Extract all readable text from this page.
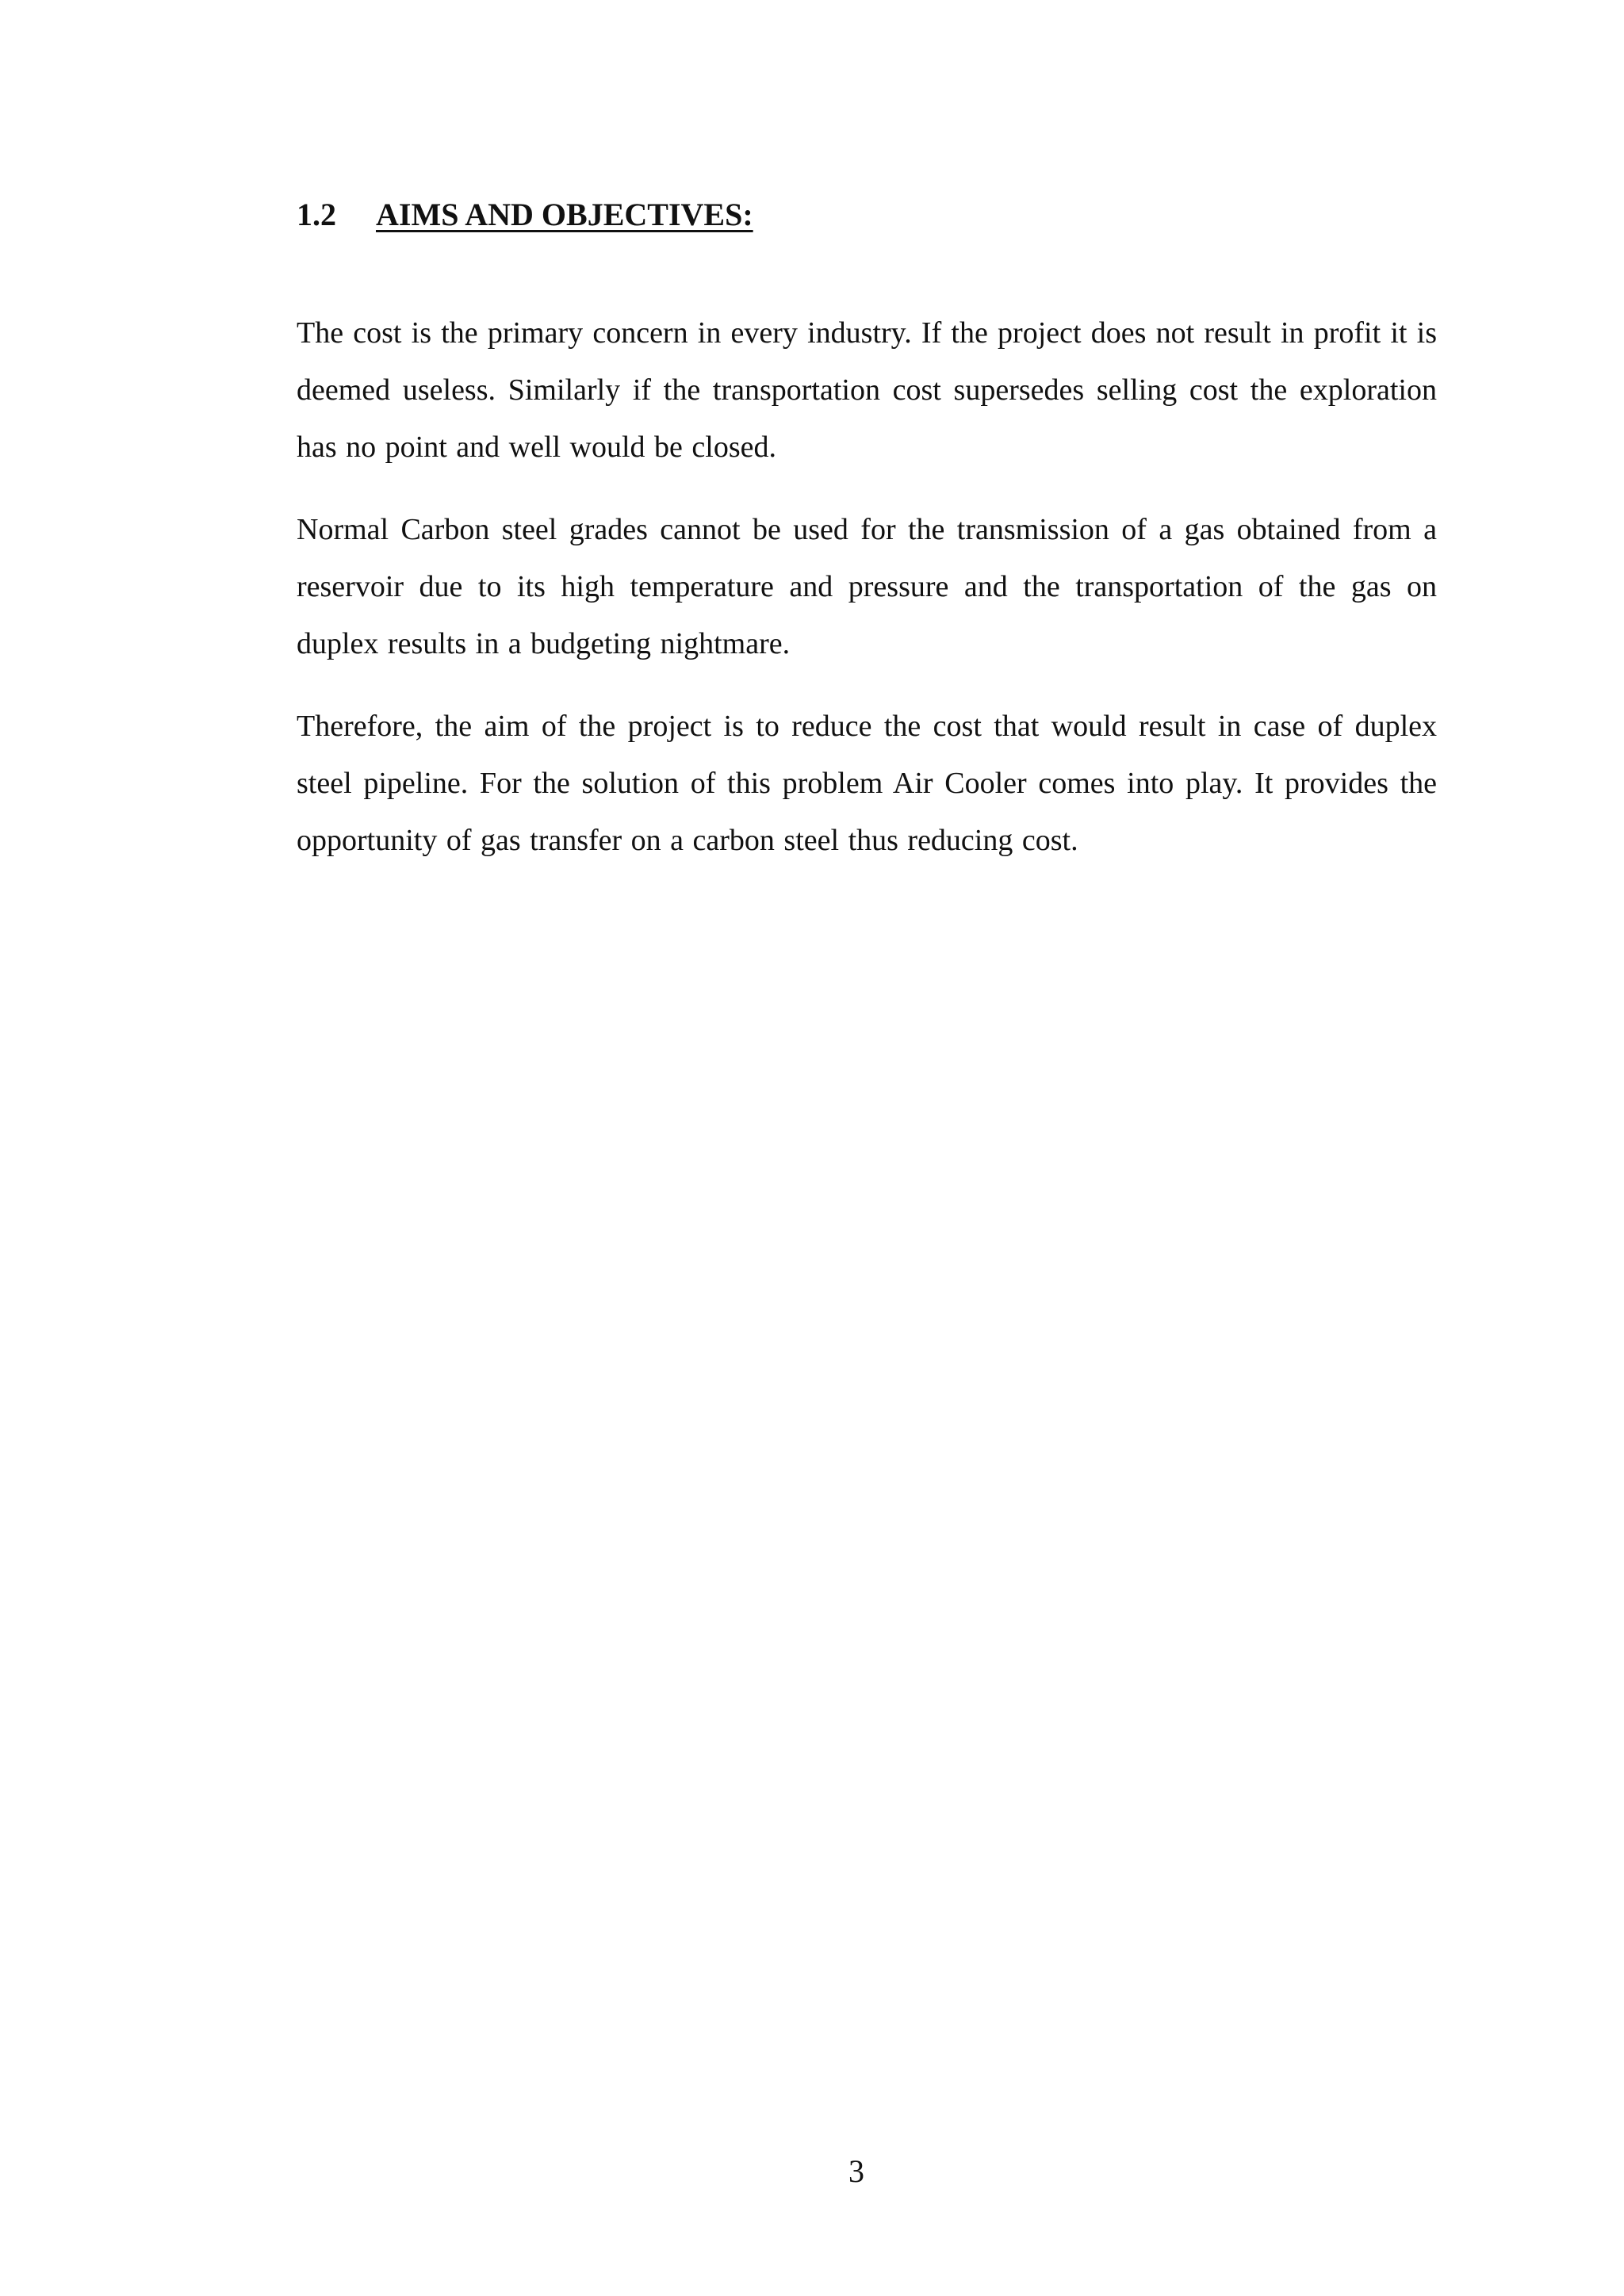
1.2 AIMS AND OBJECTIVES:

The cost is the primary concern in every industry. If the project does not result in profit it is deemed useless. Similarly if the transportation cost supersedes selling cost the exploration has no point and well would be closed.

Normal Carbon steel grades cannot be used for the transmission of a gas obtained from a reservoir due to its high temperature and pressure and the transportation of the gas on duplex results in a budgeting nightmare.

Therefore, the aim of the project is to reduce the cost that would result in case of duplex steel pipeline. For the solution of this problem Air Cooler comes into play. It provides the opportunity of gas transfer on a carbon steel thus reducing cost.

3
